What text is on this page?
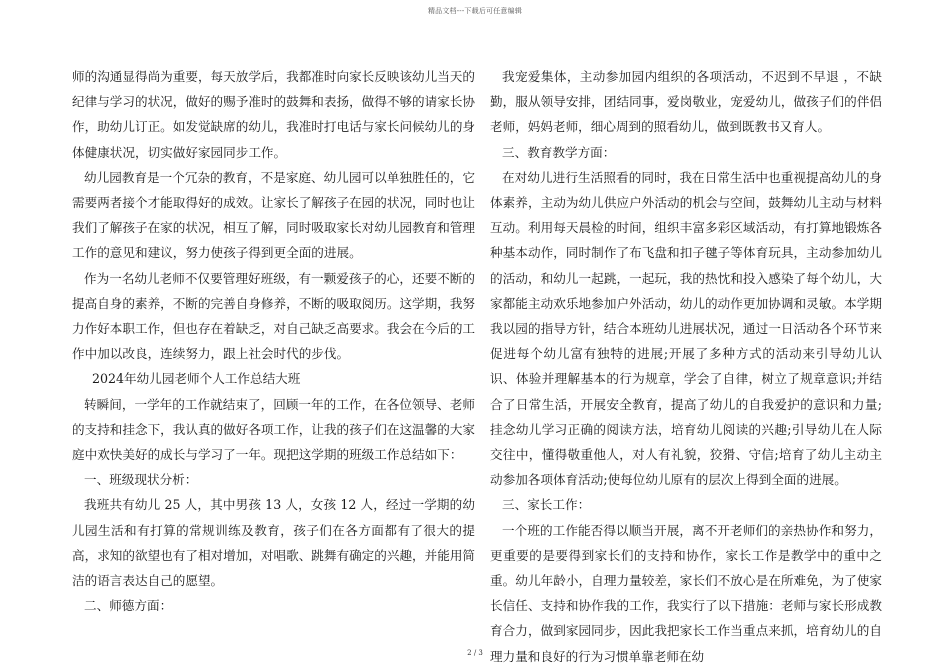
精品文档---下载后可任意编辑

师的沟通显得尚为重要，每天放学后，我都准时向家长反映该幼儿当天的纪律与学习的状况，做好的赐予准时的鼓舞和表扬，做得不够的请家长协作，助幼儿订正。如发觉缺席的幼儿，我准时打电话与家长问候幼儿的身体健康状况，切实做好家园同步工作。

幼儿园教育是一个冗杂的教育，不是家庭、幼儿园可以单独胜任的，它需要两者接个才能取得好的成效。让家长了解孩子在园的状况，同时也让我们了解孩子在家的状况，相互了解，同时吸取家长对幼儿园教育和管理工作的意见和建议，努力使孩子得到更全面的进展。

作为一名幼儿老师不仅要管理好班级，有一颗爱孩子的心，还要不断的提高自身的素养，不断的完善自身修养，不断的吸取阅历。这学期，我努力作好本职工作，但也存在着缺乏，对自己缺乏高要求。我会在今后的工作中加以改良，连续努力，跟上社会时代的步伐。

2024年幼儿园老师个人工作总结大班

转瞬间，一学年的工作就结束了，回顾一年的工作，在各位领导、老师的支持和挂念下，我认真的做好各项工作，让我的孩子们在这温馨的大家庭中欢快美好的成长与学习了一年。现把这学期的班级工作总结如下：

一、班级现状分析：

我班共有幼儿 25 人，其中男孩 13 人，女孩 12 人，经过一学期的幼儿园生活和有打算的常规训练及教育，孩子们在各方面都有了很大的提高，求知的欲望也有了相对增加，对唱歌、跳舞有确定的兴趣，并能用简洁的语言表达自己的愿望。

二、师德方面：

我宠爱集体，主动参加园内组织的各项活动，不迟到不早退 ，不缺勤，服从领导安排，团结同事，爱岗敬业，宠爱幼儿，做孩子们的伴侣老师，妈妈老师，细心周到的照看幼儿，做到既教书又育人。

三、教育教学方面：

在对幼儿进行生活照看的同时，我在日常生活中也重视提高幼儿的身体素养，主动为幼儿供应户外活动的机会与空间，鼓舞幼儿主动与材料互动。利用每天晨检的时间，组织丰富多彩区域活动，有打算地锻炼各种基本动作，同时制作了布飞盘和扣子毽子等体育玩具，主动参加幼儿的活动，和幼儿一起跳，一起玩，我的热忱和投入感染了每个幼儿，大家都能主动欢乐地参加户外活动，幼儿的动作更加协调和灵敏。本学期我以园的指导方针，结合本班幼儿进展状况，通过一日活动各个环节来促进每个幼儿富有独特的进展;开展了多种方式的活动来引导幼儿认识、体验并理解基本的行为规章，学会了自律，树立了规章意识;并结合了日常生活，开展安全教育，提高了幼儿的自我爱护的意识和力量;挂念幼儿学习正确的阅读方法，培育幼儿阅读的兴趣;引导幼儿在人际交往中，懂得敬重他人，对人有礼貌，狡猾、守信;培育了幼儿主动主动参加各项体育活动;使每位幼儿原有的层次上得到全面的进展。

三、家长工作：

一个班的工作能否得以顺当开展，离不开老师们的亲热协作和努力，更重要的是要得到家长们的支持和协作，家长工作是教学中的重中之重。幼儿年龄小，自理力量较差，家长们不放心是在所难免，为了使家长信任、支持和协作我的工作，我实行了以下措施：老师与家长形成教育合力，做到家园同步，因此我把家长工作当重点来抓，培育幼儿的自理力量和良好的行为习惯单靠老师在幼

2 / 3
